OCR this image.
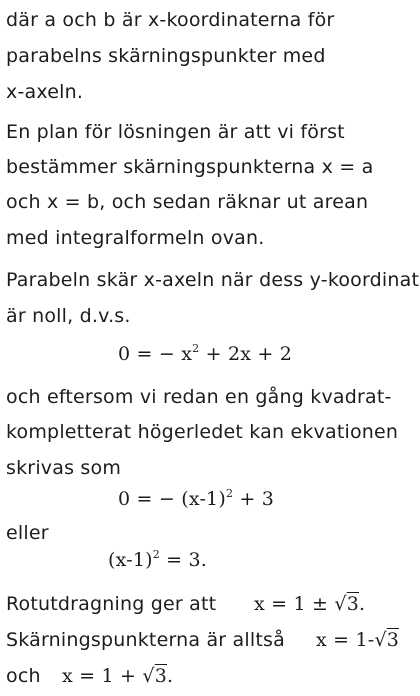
där a och b är x-koordinaterna för
parabelns skärningspunkter med
x-axeln.
En plan för lösningen är att vi först
bestämmer skärningspunkterna x = a
och x = b, och sedan räknar ut arean
med integralformeln ovan.
Parabeln skär x-axeln när dess y-koordinat
är noll, d.v.s.
0 = − $x^2 + 2x + 2$
och eftersom vi redan en gång kvadrat-
kompletterat högerledet kan ekvationen
skrivas som
0 = − $(x-1)^2 + 3$
eller
$(x-1)^2 = 3$.
Rotutdragning ger att x = 1 ± √3.
Skärningspunkterna är alltså x = 1-√3
och x = 1 + √3.
